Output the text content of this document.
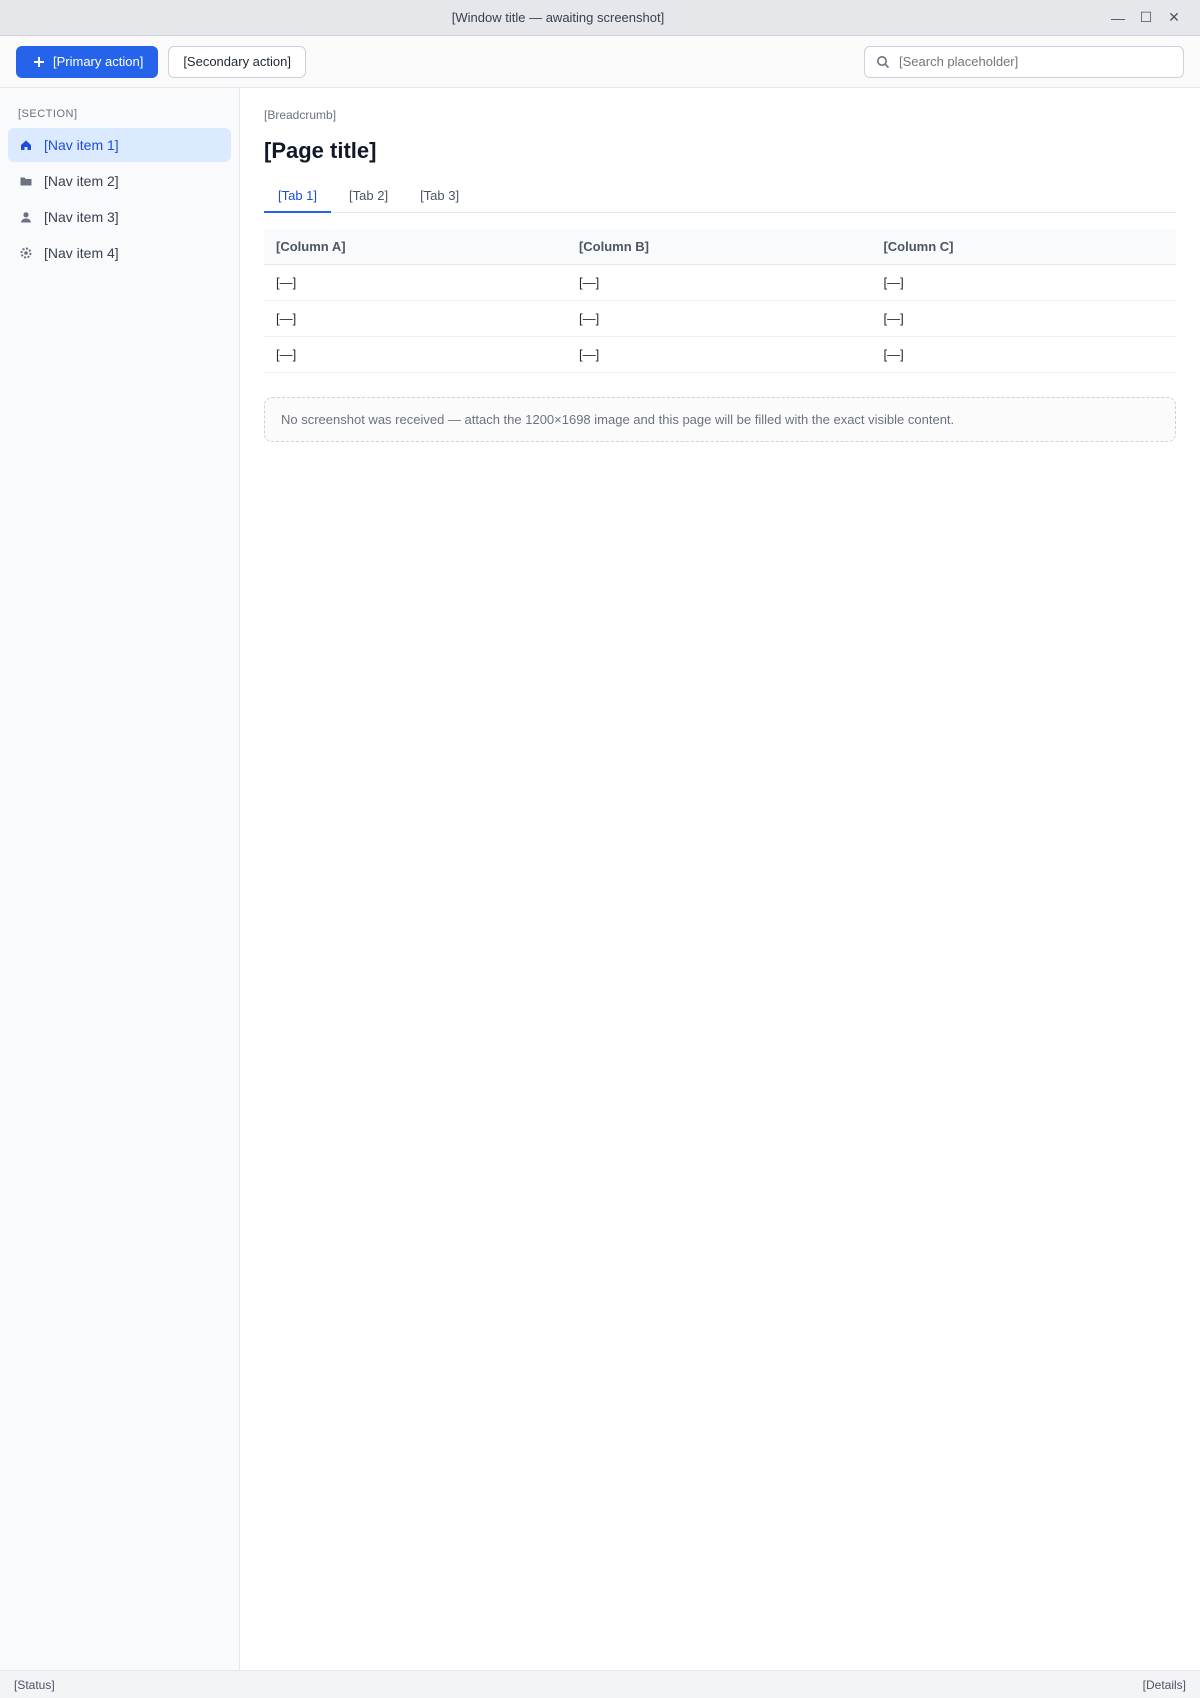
[Window title — awaiting screenshot]	—	☐	✕
[Primary action]	[Secondary action]
[Search placeholder]
[SECTION]
[Nav item 1]
[Nav item 2]
[Nav item 3]
[Nav item 4]
[Breadcrumb]
[Page title]
[Tab 1]	[Tab 2]	[Tab 3]
[Column A]	[Column B]	[Column C]
[—]	[—]	[—]
[—]	[—]	[—]
[—]	[—]	[—]
No screenshot was received — attach the 1200×1698 image and this page will be filled with the exact visible content.
[Status]	[Details]
